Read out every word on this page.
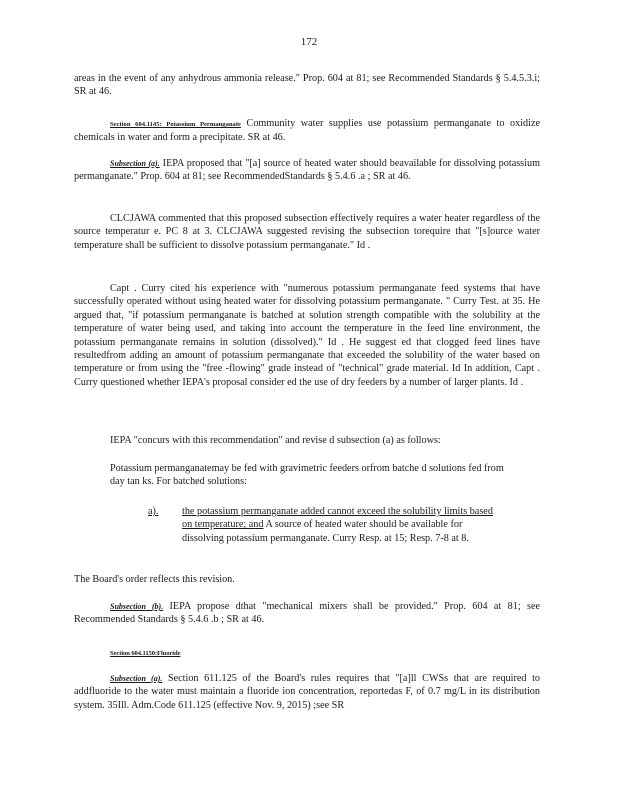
172

areas in the event of any anhydrous ammonia release." Prop. 604 at 81; see Recommended Standards § 5.4.5.3.i; SR at 46.

Section 604.1145: Potassium Permanganate Community water supplies use potassium permanganate to oxidize chemicals in water and form a precipitate. SR at 46.
Subsection (a). IEPA proposed that "[a] source of heated water should beavailable for dissolving potassium permanganate." Prop. 604 at 81; see RecommendedStandards § 5.4.6 .a ; SR at 46.

CLCJAWA commented that this proposed subsection effectively requires a water heater regardless of the source temperatur e. PC 8 at 3. CLCJAWA suggested revising the subsection torequire that "[s]ource water temperature shall be sufficient to dissolve potassium permanganate." Id .

Capt . Curry cited his experience with "numerous potassium permanganate feed systems that have successfully operated without using heated water for dissolving potassium permanganate. " Curry Test. at 35. He argued that, "if potassium permanganate is batched at solution strength compatible with the solubility at the temperature of water being used, and taking into account the temperature in the feed line environment, the potassium permanganate remains in solution (dissolved)." Id . He suggest ed that clogged feed lines have resultedfrom adding an amount of potassium permanganate that exceeded the solubility of the water based on temperature or from using the "free -flowing" grade instead of "technical" grade material. Id In addition, Capt . Curry questioned whether IEPA's proposal consider ed the use of dry feeders by a number of larger plants. Id .

IEPA "concurs with this recommendation" and revise d subsection (a) as follows:

Potassium permanganatemay be fed with gravimetric feeders orfrom batche d solutions fed from day tan ks. For batched solutions:

a). the potassium permanganate added cannot exceed the solubility limits based on temperature; and A source of heated water should be available for dissolving potassium permanganate. Curry Resp. at 15; Resp. 7-8 at 8.

The Board's order reflects this revision.

Subsection (b). IEPA propose dthat "mechanical mixers shall be provided." Prop. 604 at 81; see Recommended Standards § 5.4.6 .b ; SR at 46.
Section 604.1150:Fluoride
Subsection (a). Section 611.125 of the Board's rules requires that "[a]ll CWSs that are required to addfluoride to the water must maintain a fluoride ion concentration, reportedas F, of 0.7 mg/L in its distribution system. 35Ill. Adm.Code 611.125 (effective Nov. 9, 2015) ;see SR
